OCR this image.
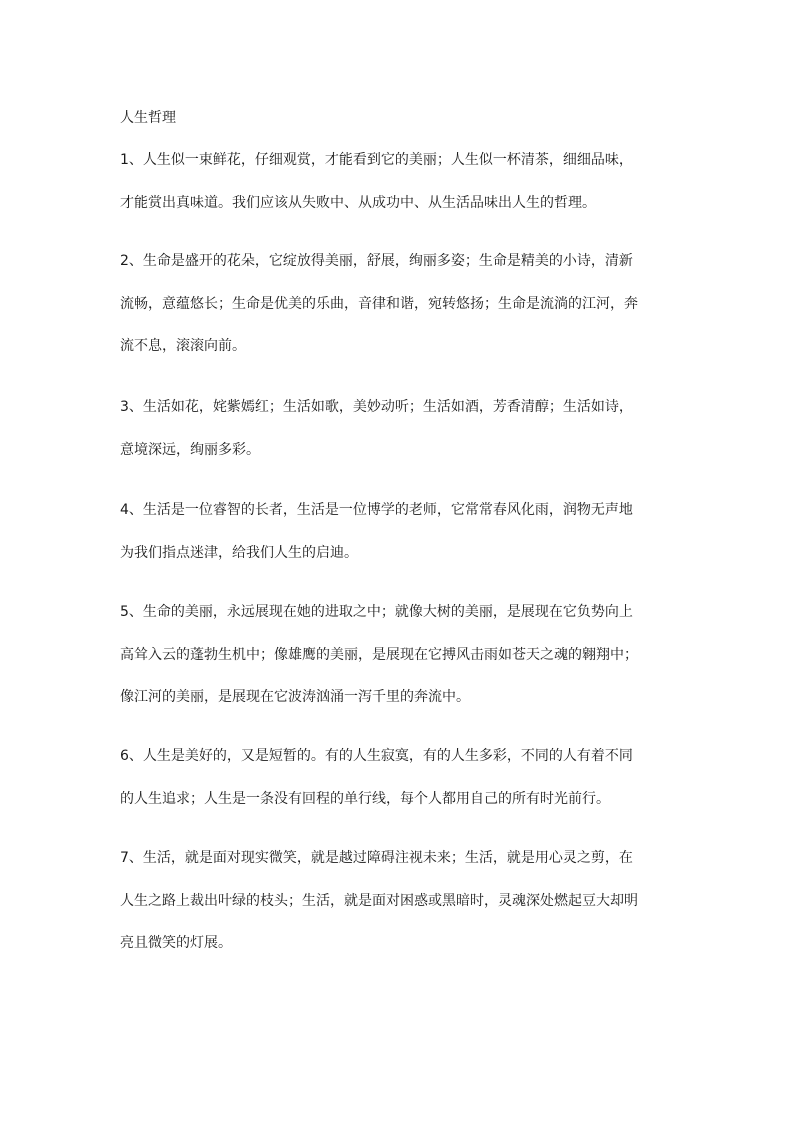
人生哲理
1、人生似一束鲜花，仔细观赏，才能看到它的美丽；人生似一杯清茶，细细品味，
才能赏出真味道。我们应该从失败中、从成功中、从生活品味出人生的哲理。
2、生命是盛开的花朵，它绽放得美丽，舒展，绚丽多姿；生命是精美的小诗，清新
流畅，意蕴悠长；生命是优美的乐曲，音律和谐，宛转悠扬；生命是流淌的江河，奔
流不息，滚滚向前。
3、生活如花，姹紫嫣红；生活如歌，美妙动听；生活如酒，芳香清醇；生活如诗，
意境深远，绚丽多彩。
4、生活是一位睿智的长者，生活是一位博学的老师，它常常春风化雨，润物无声地
为我们指点迷津，给我们人生的启迪。
5、生命的美丽，永远展现在她的进取之中；就像大树的美丽，是展现在它负势向上
高耸入云的蓬勃生机中；像雄鹰的美丽，是展现在它搏风击雨如苍天之魂的翱翔中；
像江河的美丽，是展现在它波涛汹涌一泻千里的奔流中。
6、人生是美好的，又是短暂的。有的人生寂寞，有的人生多彩，不同的人有着不同
的人生追求；人生是一条没有回程的单行线，每个人都用自己的所有时光前行。
7、生活，就是面对现实微笑，就是越过障碍注视未来；生活，就是用心灵之剪，在
人生之路上裁出叶绿的枝头；生活，就是面对困惑或黑暗时，灵魂深处燃起豆大却明
亮且微笑的灯展。
